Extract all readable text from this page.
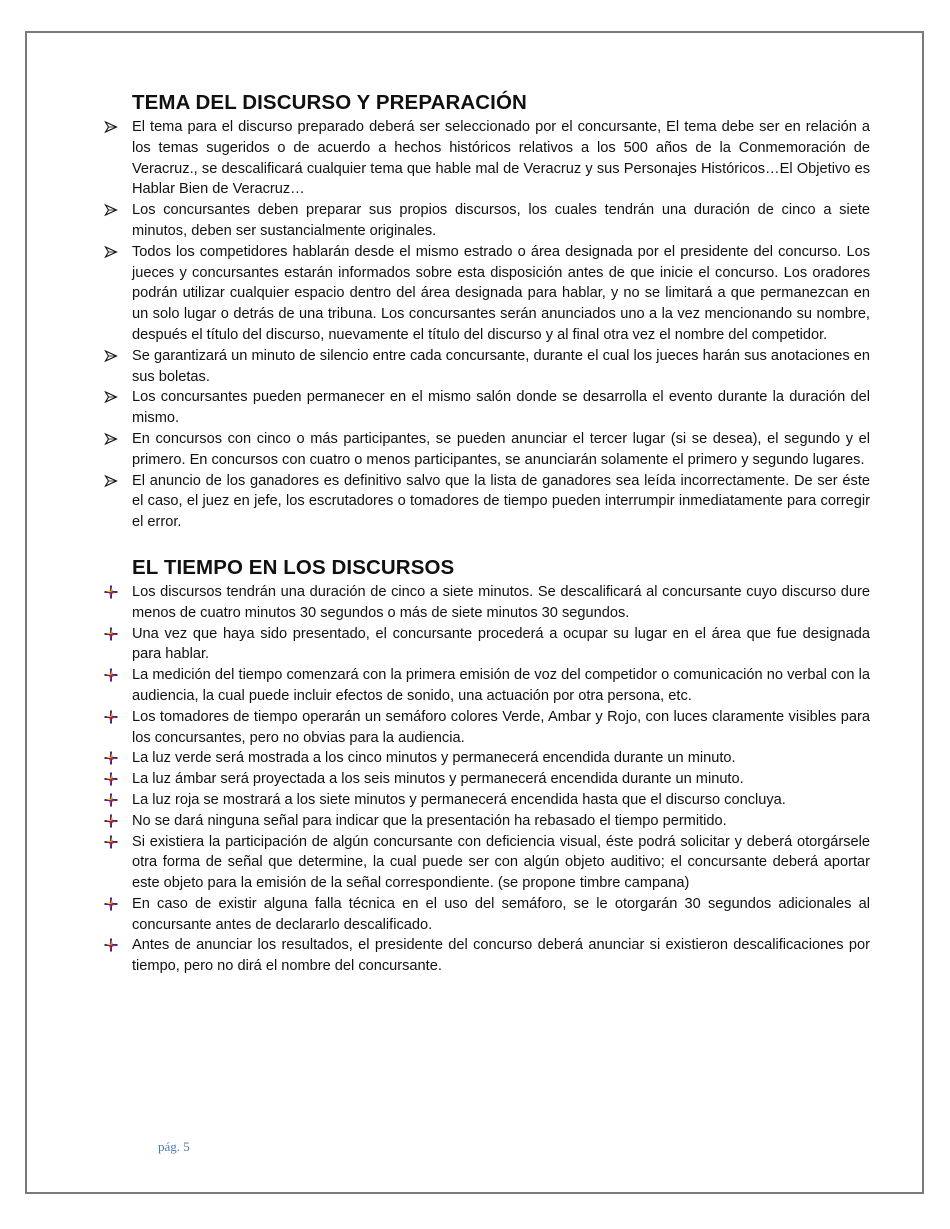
TEMA DEL DISCURSO Y PREPARACIÓN
El tema para el discurso preparado deberá ser seleccionado por el concursante, El tema debe ser en relación a los temas sugeridos o de acuerdo a hechos históricos relativos a los 500 años de la Conmemoración de Veracruz., se descalificará cualquier tema que hable mal de Veracruz y sus Personajes Históricos…El Objetivo es Hablar Bien de Veracruz…
Los concursantes deben preparar sus propios discursos, los cuales tendrán una duración de cinco a siete minutos, deben ser sustancialmente originales.
Todos los competidores hablarán desde el mismo estrado o área designada por el presidente del concurso. Los jueces y concursantes estarán informados sobre esta disposición antes de que inicie el concurso. Los oradores podrán utilizar cualquier espacio dentro del área designada para hablar, y no se limitará a que permanezcan en un solo lugar o detrás de una tribuna. Los concursantes serán anunciados uno a la vez mencionando su nombre, después el título del discurso, nuevamente el título del discurso y al final otra vez el nombre del competidor.
Se garantizará un minuto de silencio entre cada concursante, durante el cual los jueces harán sus anotaciones en sus boletas.
Los concursantes pueden permanecer en el mismo salón donde se desarrolla el evento durante la duración del mismo.
En concursos con cinco o más participantes, se pueden anunciar el tercer lugar (si se desea), el segundo y el primero. En concursos con cuatro o menos participantes, se anunciarán solamente el primero y segundo lugares.
El anuncio de los ganadores es definitivo salvo que la lista de ganadores sea leída incorrectamente. De ser éste el caso, el juez en jefe, los escrutadores o tomadores de tiempo pueden interrumpir inmediatamente para corregir el error.
EL TIEMPO EN LOS DISCURSOS
Los discursos tendrán una duración de cinco a siete minutos. Se descalificará al concursante cuyo discurso dure menos de cuatro minutos 30 segundos o más de siete minutos 30 segundos.
Una vez que haya sido presentado, el concursante procederá a ocupar su lugar en el área que fue designada para hablar.
La medición del tiempo comenzará con la primera emisión de voz del competidor o comunicación no verbal con la audiencia, la cual puede incluir efectos de sonido, una actuación por otra persona, etc.
Los tomadores de tiempo operarán un semáforo colores Verde, Ambar y Rojo, con luces claramente visibles para los concursantes, pero no obvias para la audiencia.
La luz verde será mostrada a los cinco minutos y permanecerá encendida durante un minuto.
La luz ámbar será proyectada a los seis minutos y permanecerá encendida durante un minuto.
La luz roja se mostrará a los siete minutos y permanecerá encendida hasta que el discurso concluya.
No se dará ninguna señal para indicar que la presentación ha rebasado el tiempo permitido.
Si existiera la participación de algún concursante con deficiencia visual, éste podrá solicitar y deberá otorgársele otra forma de señal que determine, la cual puede ser con algún objeto auditivo; el concursante deberá aportar este objeto para la emisión de la señal correspondiente. (se propone timbre campana)
En caso de existir alguna falla técnica en el uso del semáforo, se le otorgarán 30 segundos adicionales al concursante antes de declararlo descalificado.
Antes de anunciar los resultados, el presidente del concurso deberá anunciar si existieron descalificaciones por tiempo, pero no dirá el nombre del concursante.
pág. 5
